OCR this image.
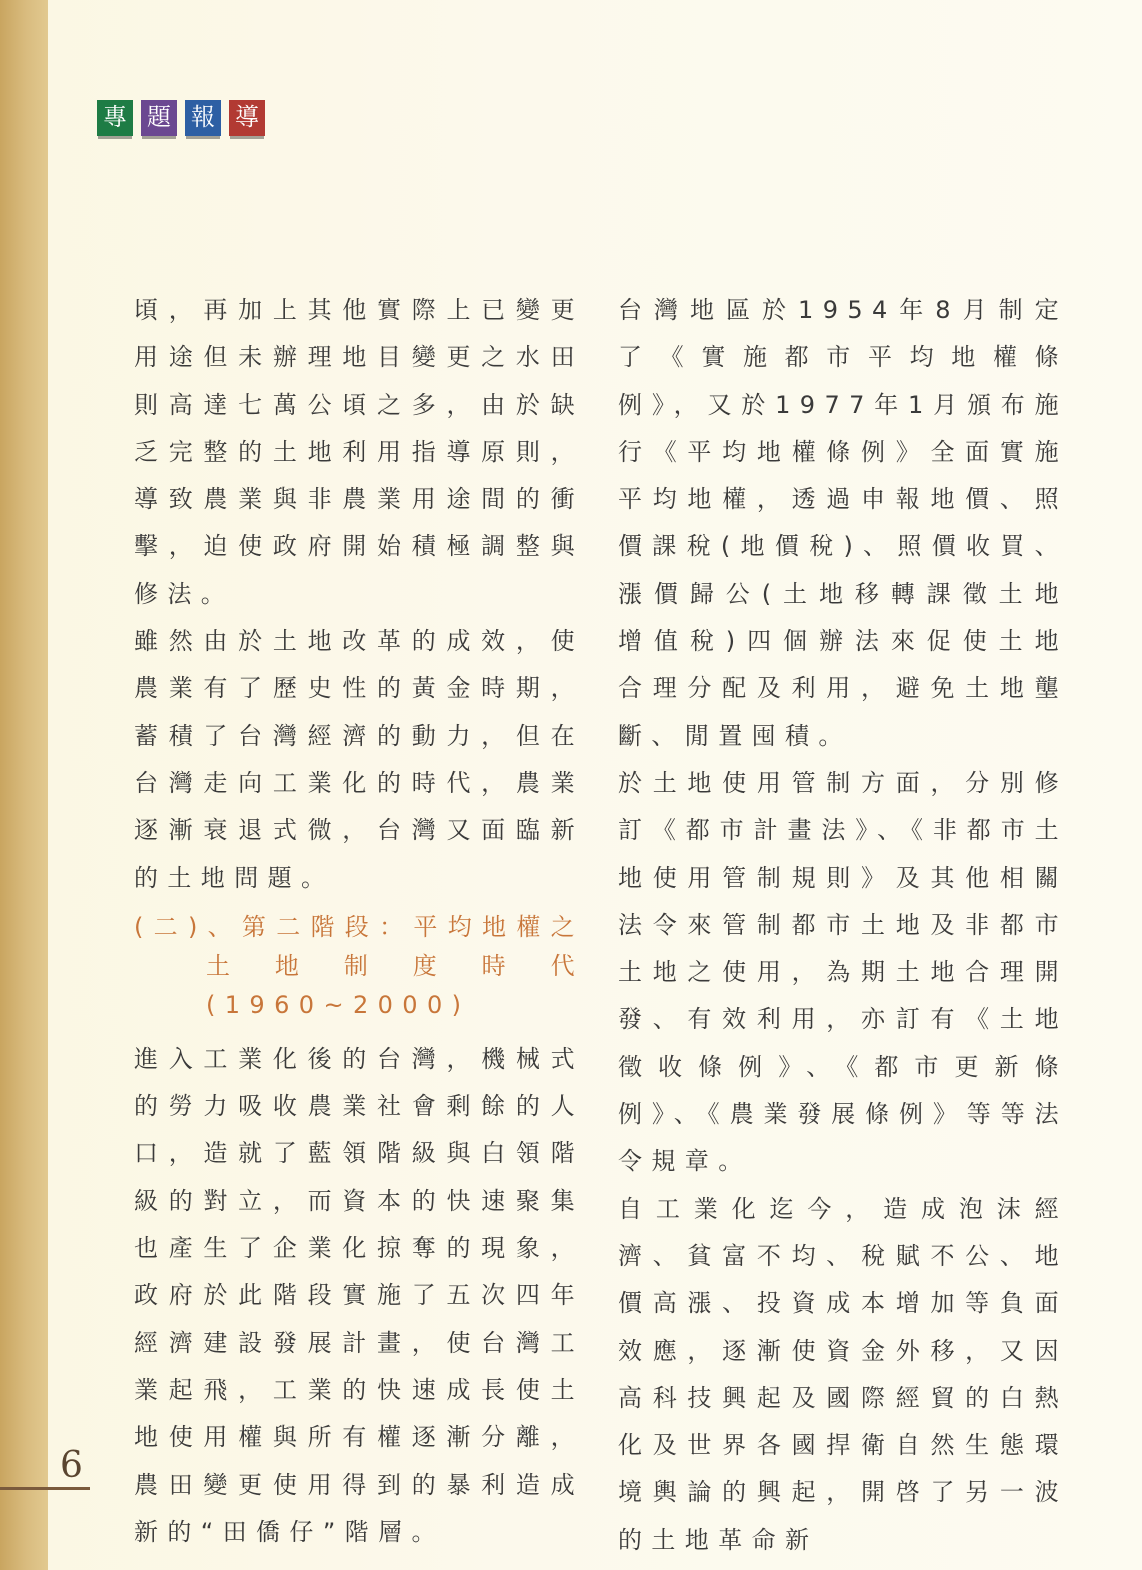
專 題 報 導

頃，再加上其他實際上已變更用途但未辦理地目變更之水田則高達七萬公頃之多，由於缺乏完整的土地利用指導原則，導致農業與非農業用途間的衝擊，迫使政府開始積極調整與修法。

雖然由於土地改革的成效，使農業有了歷史性的黃金時期，蓄積了台灣經濟的動力，但在台灣走向工業化的時代，農業逐漸衰退式微，台灣又面臨新的土地問題。

(二)、第二階段：平均地權之土地制度時代(1960~2000)

進入工業化後的台灣，機械式的勞力吸收農業社會剩餘的人口，造就了藍領階級與白領階級的對立，而資本的快速聚集也產生了企業化掠奪的現象，政府於此階段實施了五次四年經濟建設發展計畫，使台灣工業起飛，工業的快速成長使土地使用權與所有權逐漸分離，農田變更使用得到的暴利造成新的“田僑仔”階層。

台灣地區於1954年8月制定了《實施都市平均地權條例》，又於1977年1月頒布施行《平均地權條例》全面實施平均地權，透過申報地價、照價課稅(地價稅)、照價收買、漲價歸公(土地移轉課徵土地增值稅)四個辦法來促使土地合理分配及利用，避免土地壟斷、閒置囤積。

於土地使用管制方面，分別修訂《都市計畫法》、《非都市土地使用管制規則》及其他相關法令來管制都市土地及非都市土地之使用，為期土地合理開發、有效利用，亦訂有《土地徵收條例》、《都市更新條例》、《農業發展條例》等等法令規章。

自工業化迄今，造成泡沫經濟、貧富不均、稅賦不公、地價高漲、投資成本增加等負面效應，逐漸使資金外移，又因高科技興起及國際經貿的白熱化及世界各國捍衛自然生態環境輿論的興起，開啓了另一波的土地革命新

6
